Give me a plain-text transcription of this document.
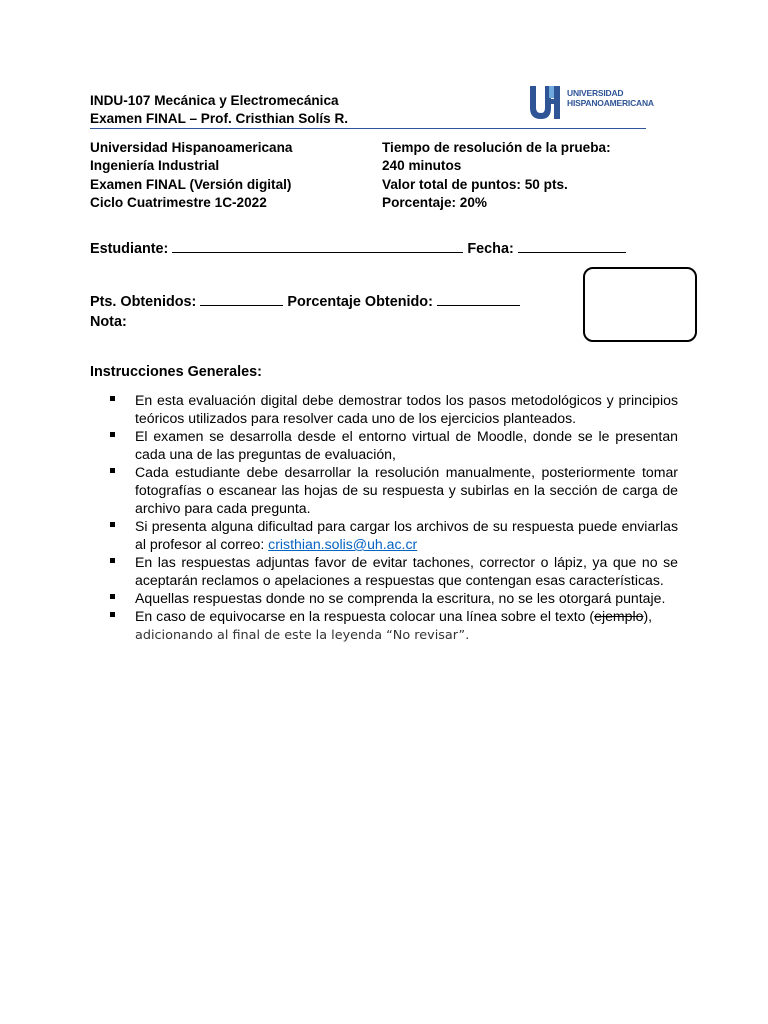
INDU-107 Mecánica y Electromecánica
Examen FINAL – Prof. Cristhian Solís R.
UNIVERSIDAD
HISPANOAMERICANA
Universidad Hispanoamericana
Ingeniería Industrial
Examen FINAL (Versión digital)
Ciclo Cuatrimestre 1C-2022
Tiempo de resolución de la prueba:
240 minutos
Valor total de puntos: 50 pts.
Porcentaje: 20%
Estudiante:	Fecha:
Pts. Obtenidos:	Porcentaje Obtenido:
Nota:
Instrucciones Generales:
En esta evaluación digital debe demostrar todos los pasos metodológicos y principios teóricos utilizados para resolver cada uno de los ejercicios planteados.
El examen se desarrolla desde el entorno virtual de Moodle, donde se le presentan cada una de las preguntas de evaluación,
Cada estudiante debe desarrollar la resolución manualmente, posteriormente tomar fotografías o escanear las hojas de su respuesta y subirlas en la sección de carga de archivo para cada pregunta.
Si presenta alguna dificultad para cargar los archivos de su respuesta puede enviarlas al profesor al correo: cristhian.solis@uh.ac.cr
En las respuestas adjuntas favor de evitar tachones, corrector o lápiz, ya que no se aceptarán reclamos o apelaciones a respuestas que contengan esas características.
Aquellas respuestas donde no se comprenda la escritura, no se les otorgará puntaje.
En caso de equivocarse en la respuesta colocar una línea sobre el texto (ejemplo),
adicionando al final de este la leyenda “No revisar”.
